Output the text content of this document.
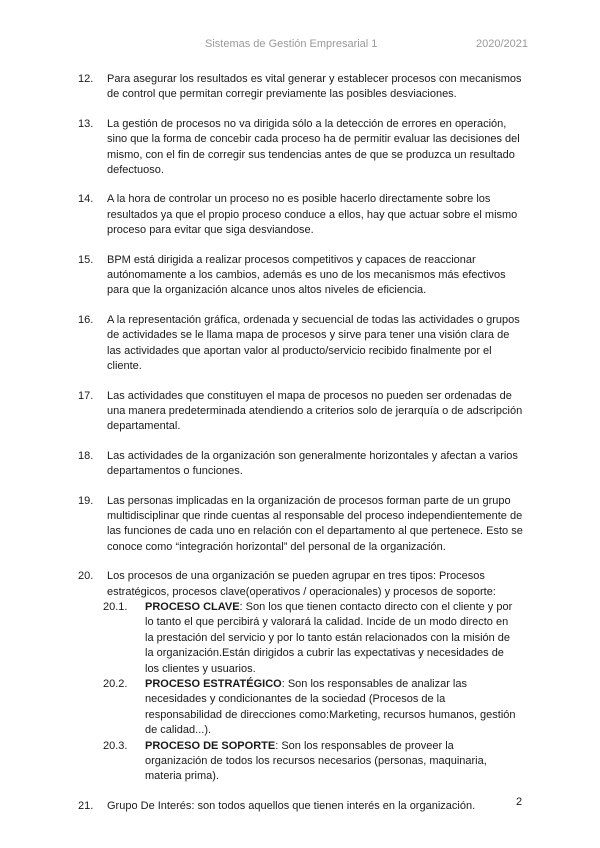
Sistemas de Gestión Empresarial 1	2020/2021
12. Para asegurar los resultados es vital generar y establecer procesos con mecanismos de control que permitan corregir previamente las posibles desviaciones.
13. La gestión de procesos no va dirigida sólo a la detección de errores en operación, sino que la forma de concebir cada proceso ha de permitir evaluar las decisiones del mismo, con el fin de corregir sus tendencias antes de que se produzca un resultado defectuoso.
14. A la hora de controlar un proceso no es posible hacerlo directamente sobre los resultados ya que el propio proceso conduce a ellos, hay que actuar sobre el mismo proceso para evitar que siga desviandose.
15. BPM está dirigida a realizar procesos competitivos y capaces de reaccionar autónomamente a los cambios, además es uno de los mecanismos más efectivos para que la organización alcance unos altos niveles de eficiencia.
16. A la representación gráfica, ordenada y secuencial de todas las actividades o grupos de actividades se le llama mapa de procesos y sirve para tener una visión clara de las actividades que aportan valor al producto/servicio recibido finalmente por el cliente.
17. Las actividades que constituyen el mapa de procesos no pueden ser ordenadas de una manera predeterminada atendiendo a criterios solo de jerarquía o de adscripción departamental.
18. Las actividades de la organización son generalmente horizontales y afectan a varios departamentos o funciones.
19. Las personas implicadas en la organización de procesos forman parte de un grupo multidisciplinar que rinde cuentas al responsable del proceso independientemente de las funciones de cada uno en relación con el departamento al que pertenece. Esto se conoce como “integración horizontal” del personal de la organización.
20. Los procesos de una organización se pueden agrupar en tres tipos: Procesos estratégicos, procesos clave(operativos / operacionales) y procesos de soporte:
20.1. PROCESO CLAVE: Son los que tienen contacto directo con el cliente y por lo tanto el que percibirá y valorará la calidad. Incide de un modo directo en la prestación del servicio y por lo tanto están relacionados con la misión de la organización.Están dirigidos a cubrir las expectativas y necesidades de los clientes y usuarios.
20.2. PROCESO ESTRATÉGICO: Son los responsables de analizar las necesidades y condicionantes de la sociedad (Procesos de la responsabilidad de direcciones como:Marketing, recursos humanos, gestión de calidad...).
20.3. PROCESO DE SOPORTE: Son los responsables de proveer la organización de todos los recursos necesarios (personas, maquinaria, materia prima).
21. Grupo De Interés: son todos aquellos que tienen interés en la organización.	2
